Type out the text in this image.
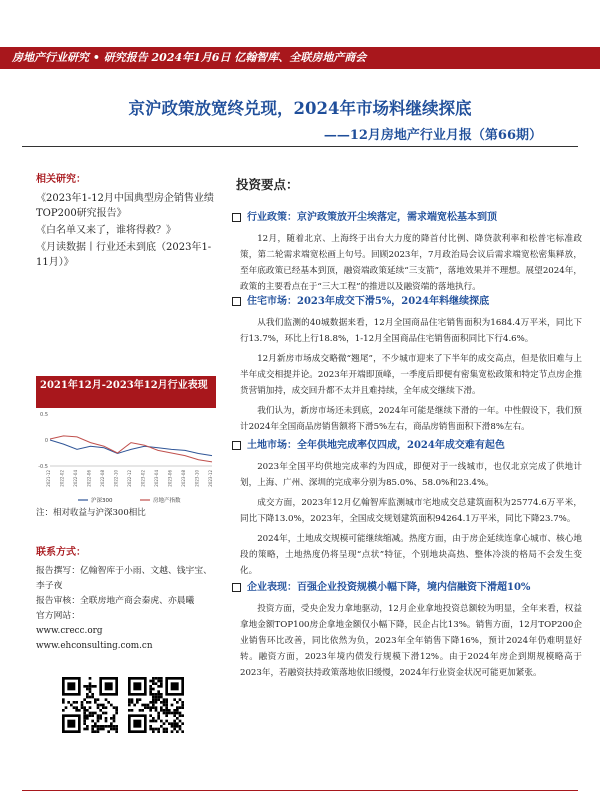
房地产行业研究 • 研究报告 2024年1月6日 亿翰智库、全联房地产商会
京沪政策放宽终兑现，2024年市场料继续探底
——12月房地产行业月报（第66期）
相关研究：
《2023年1-12月中国典型房企销售业绩TOP200研究报告》
《白名单又来了，谁将得救？》
《月读数据丨行业还未到底（2023年1-11月）》
2021年12月-2023年12月行业表现
0.5
0
-0.5
2021-12 2022-02 2022-04 2022-06 2022-08 2022-10 2022-12 2023-02 2023-04 2023-06 2023-08 2023-10 2023-12
沪深300	房地产指数
注：相对收益与沪深300相比
联系方式：
报告撰写：亿翰智库于小雨、文越、钱宇宝、李子夜
报告审核：全联房地产商会秦虎、亦晨曦
官方网站：
www.crecc.org
www.ehconsulting.com.cn
投资要点：
行业政策：京沪政策放开尘埃落定，需求端宽松基本到顶

12月，随着北京、上海终于出台大力度的降首付比例、降贷款利率和松普宅标准政策，第二轮需求端宽松画上句号。回顾2023年，7月政治局会议后需求端宽松密集释放，至年底政策已经基本到顶，融资端政策延续“三支箭”，落地效果并不理想。展望2024年，政策的主要看点在于“三大工程”的推进以及融资端的落地执行。

住宅市场：2023年成交下滑5%，2024年料继续探底

从我们监测的40城数据来看，12月全国商品住宅销售面积为1684.4万平米，同比下行13.7%，环比上行18.8%，1-12月全国商品住宅销售面积同比下行4.6%。

12月新房市场成交略微“翘尾”，不少城市迎来了下半年的成交高点，但是依旧难与上半年成交相提并论。2023年开端即顶峰，一季度后即便有密集宽松政策和特定节点房企推货营销加持，成交回升都不太并且难持续，全年成交继续下滑。

我们认为，新房市场还未到底，2024年可能是继续下滑的一年。中性假设下，我们预计2024年全国商品房销售额将下滑5%左右，商品房销售面积下滑8%左右。

土地市场：全年供地完成率仅四成，2024年成交难有起色

2023年全国平均供地完成率约为四成，即便对于一线城市，也仅北京完成了供地计划，上海、广州、深圳的完成率分别为85.0%、58.0%和23.4%。

成交方面，2023年12月亿翰智库监测城市宅地成交总建筑面积为25774.6万平米，同比下降13.0%，2023年，全国成交规划建筑面积94264.1万平米，同比下降23.7%。

2024年，土地成交规模可能继续缩减。热度方面，由于房企延续连拿心城市、核心地段的策略，土地热度仍将呈现“点状”特征，个别地块高热、整体冷淡的格局不会发生变化。

企业表现：百强企业投资规模小幅下降，境内信融资下滑超10%

投资方面，受央企发力拿地驱动，12月企业拿地投资总额较为明显，全年来看，权益拿地金额TOP100房企拿地金额仅小幅下降，民企占比13%。销售方面，12月TOP200企业销售环比改善，同比依然为负，2023年全年销售下降16%，预计2024年仍难明显好转。融资方面，2023年境内债发行规模下滑12%。由于2024年房企到期规模略高于2023年，若融资扶持政策落地依旧缓慢，2024年行业资金状况可能更加紧张。
